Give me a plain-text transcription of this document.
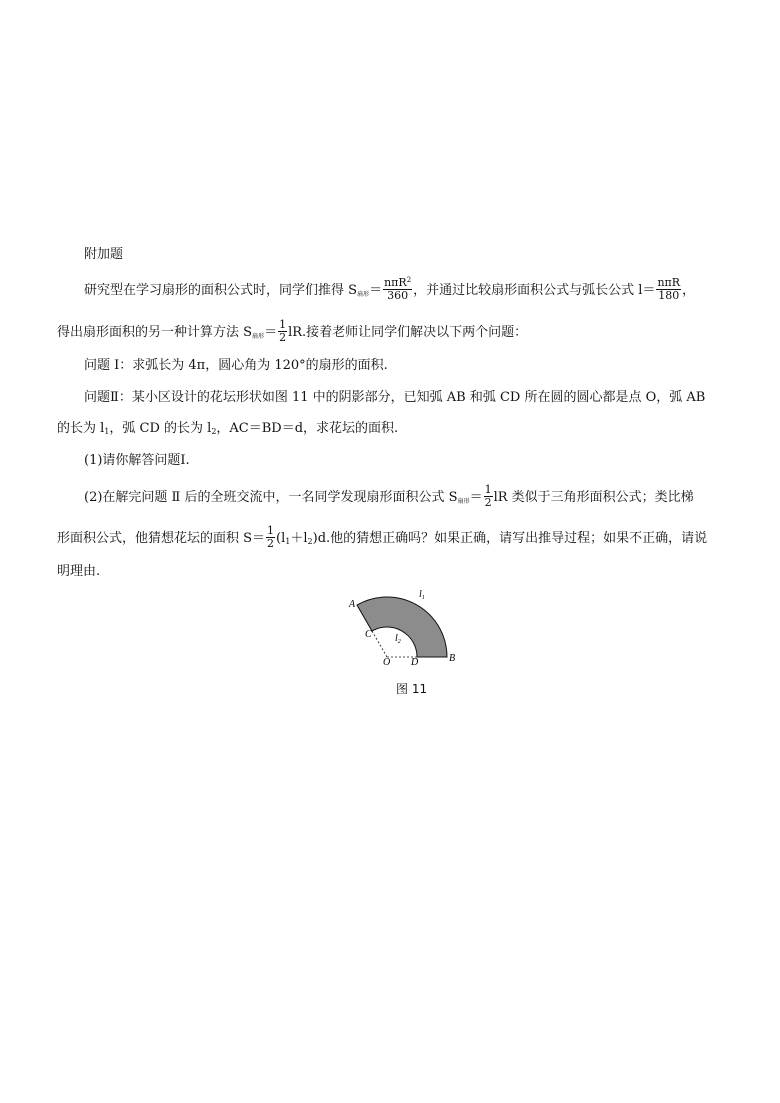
附加题
研究型在学习扇形的面积公式时，同学们推得 $S_{扇形}= \frac{n\pi R^2}{360}$ ，并通过比较扇形面积公式与弧长公式 $l= \frac{\text{nπR}}{180}$ ，
得出扇形面积的另一种计算方法 $S_{扇形}= \frac{1}{2}$ lR.接着老师让同学们解决以下两个问题：
问题 Ⅰ：求弧长为 4π，圆心角为 120°的扇形的面积.
问题Ⅱ：某小区设计的花坛形状如图 11 中的阴影部分，已知弧 AB 和弧 CD 所在圆的圆心都是点 O，弧 AB
的长为 l1，弧 CD 的长为 l2，AC＝BD＝d，求花坛的面积.
(1)请你解答问题Ⅰ.
(2)在解完问题 Ⅱ 后的全班交流中，一名同学发现扇形面积公式 $S_{扇形}= \frac{1}{2}$ lR 类似于三角形面积公式；类比梯
形面积公式，他猜想花坛的面积 $S= \frac{1}{2} (l1+l2)d$.他的猜想正确吗？如果正确，请写出推导过程；如果不正确，请说
明理由.
A
B
C
D
O
$l_1$
$l_2$
图 11
